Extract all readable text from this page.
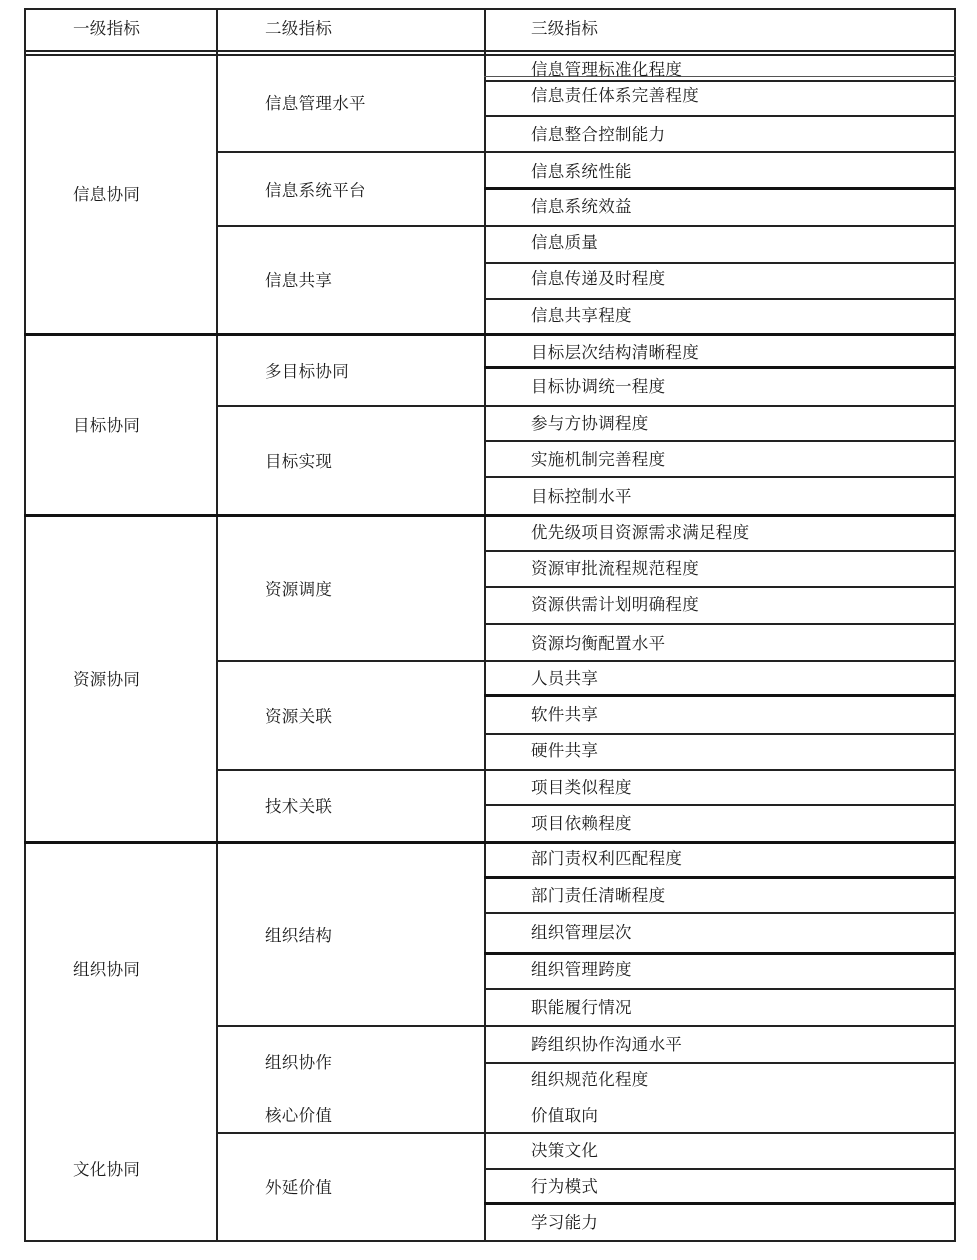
一级指标	二级指标	三级指标
信息协同
目标协同
资源协同
组织协同
文化协同
信息管理水平
信息系统平台
信息共享
多目标协同
目标实现
资源调度
资源关联
技术关联
组织结构
组织协作
核心价值
外延价值
信息管理标准化程度
信息责任体系完善程度
信息整合控制能力
信息系统性能
信息系统效益
信息质量
信息传递及时程度
信息共享程度
目标层次结构清晰程度
目标协调统一程度
参与方协调程度
实施机制完善程度
目标控制水平
优先级项目资源需求满足程度
资源审批流程规范程度
资源供需计划明确程度
资源均衡配置水平
人员共享
软件共享
硬件共享
项目类似程度
项目依赖程度
部门责权利匹配程度
部门责任清晰程度
组织管理层次
组织管理跨度
职能履行情况
跨组织协作沟通水平
组织规范化程度
价值取向
决策文化
行为模式
学习能力
